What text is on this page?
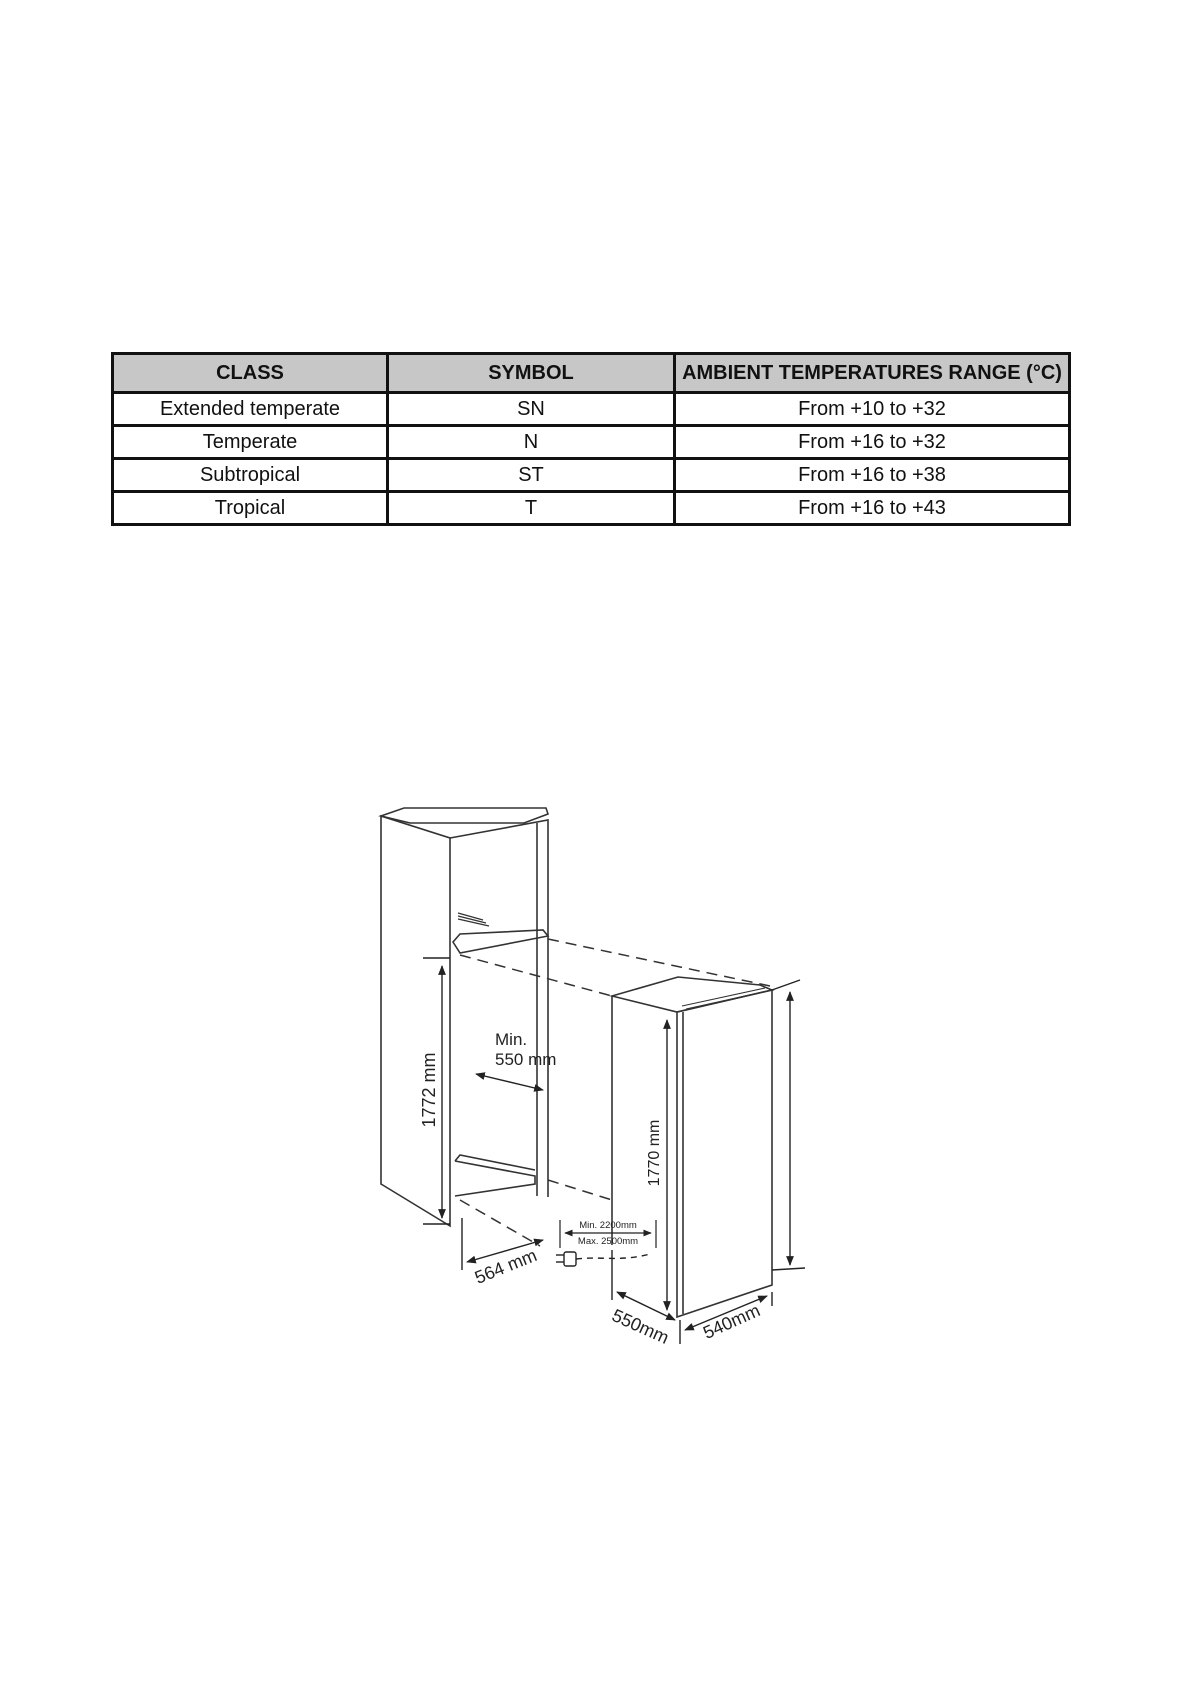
CLASS	SYMBOL	AMBIENT TEMPERATURES RANGE (°C)
Extended temperate	SN	From +10 to +32
Temperate	N	From +16 to +32
Subtropical	ST	From +16 to +38
Tropical	T	From +16 to +43
1772 mm
Min.
550 mm
564 mm
Min. 2200mm
Max. 2500mm
1770 mm
550mm 540mm
